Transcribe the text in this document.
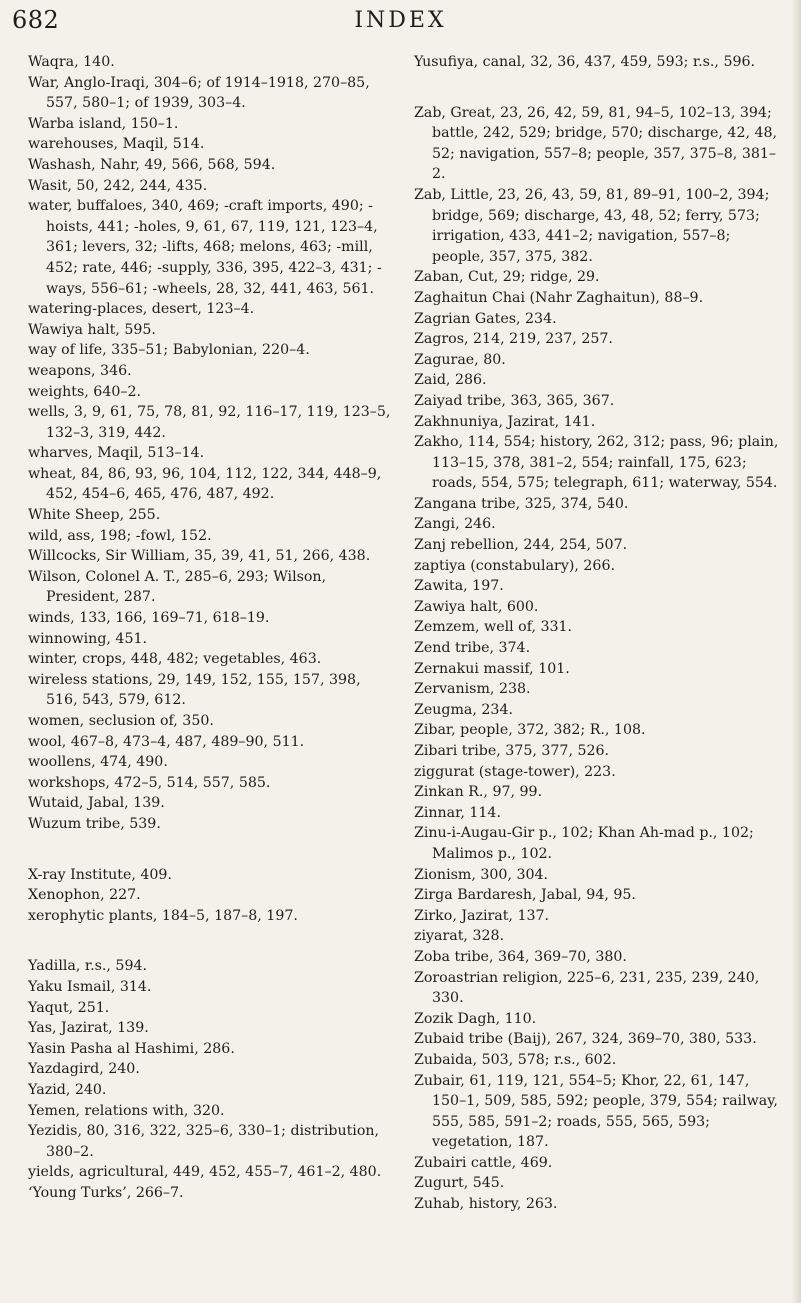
682	INDEX

Waqra, 140.

War, Anglo-Iraqi, 304–6; of 1914–1918, 270–85, 557, 580–1; of 1939, 303–4.

Warba island, 150–1.

warehouses, Maqil, 514.

Washash, Nahr, 49, 566, 568, 594.

Wasit, 50, 242, 244, 435.

water, buffaloes, 340, 469; -craft imports, 490; -hoists, 441; -holes, 9, 61, 67, 119, 121, 123–4, 361; levers, 32; -lifts, 468; melons, 463; -mill, 452; rate, 446; -supply, 336, 395, 422–3, 431; -ways, 556–61; -wheels, 28, 32, 441, 463, 561.

watering-places, desert, 123–4.

Wawiya halt, 595.

way of life, 335–51; Babylonian, 220–4.

weapons, 346.

weights, 640–2.

wells, 3, 9, 61, 75, 78, 81, 92, 116–17, 119, 123–5, 132–3, 319, 442.

wharves, Maqil, 513–14.

wheat, 84, 86, 93, 96, 104, 112, 122, 344, 448–9, 452, 454–6, 465, 476, 487, 492.

White Sheep, 255.

wild, ass, 198; -fowl, 152.

Willcocks, Sir William, 35, 39, 41, 51, 266, 438.

Wilson, Colonel A. T., 285–6, 293; Wilson, President, 287.

winds, 133, 166, 169–71, 618–19.

winnowing, 451.

winter, crops, 448, 482; vegetables, 463.

wireless stations, 29, 149, 152, 155, 157, 398, 516, 543, 579, 612.

women, seclusion of, 350.

wool, 467–8, 473–4, 487, 489–90, 511.

woollens, 474, 490.

workshops, 472–5, 514, 557, 585.

Wutaid, Jabal, 139.

Wuzum tribe, 539.

X-ray Institute, 409.

Xenophon, 227.

xerophytic plants, 184–5, 187–8, 197.

Yadilla, r.s., 594.

Yaku Ismail, 314.

Yaqut, 251.

Yas, Jazirat, 139.

Yasin Pasha al Hashimi, 286.

Yazdagird, 240.

Yazid, 240.

Yemen, relations with, 320.

Yezidis, 80, 316, 322, 325–6, 330–1; distribution, 380–2.

yields, agricultural, 449, 452, 455–7, 461–2, 480.

‘Young Turks’, 266–7.

Yusufiya, canal, 32, 36, 437, 459, 593; r.s., 596.

Zab, Great, 23, 26, 42, 59, 81, 94–5, 102–13, 394; battle, 242, 529; bridge, 570; discharge, 42, 48, 52; navigation, 557–8; people, 357, 375–8, 381–2.

Zab, Little, 23, 26, 43, 59, 81, 89–91, 100–2, 394; bridge, 569; discharge, 43, 48, 52; ferry, 573; irrigation, 433, 441–2; navigation, 557–8; people, 357, 375, 382.

Zaban, Cut, 29; ridge, 29.

Zaghaitun Chai (Nahr Zaghaitun), 88–9.

Zagrian Gates, 234.

Zagros, 214, 219, 237, 257.

Zagurae, 80.

Zaid, 286.

Zaiyad tribe, 363, 365, 367.

Zakhnuniya, Jazirat, 141.

Zakho, 114, 554; history, 262, 312; pass, 96; plain, 113–15, 378, 381–2, 554; rainfall, 175, 623; roads, 554, 575; telegraph, 611; waterway, 554.

Zangana tribe, 325, 374, 540.

Zangi, 246.

Zanj rebellion, 244, 254, 507.

zaptiya (constabulary), 266.

Zawita, 197.

Zawiya halt, 600.

Zemzem, well of, 331.

Zend tribe, 374.

Zernakui massif, 101.

Zervanism, 238.

Zeugma, 234.

Zibar, people, 372, 382; R., 108.

Zibari tribe, 375, 377, 526.

ziggurat (stage-tower), 223.

Zinkan R., 97, 99.

Zinnar, 114.

Zinu-i-Augau-Gir p., 102; Khan Ah-mad p., 102; Malimos p., 102.

Zionism, 300, 304.

Zirga Bardaresh, Jabal, 94, 95.

Zirko, Jazirat, 137.

ziyarat, 328.

Zoba tribe, 364, 369–70, 380.

Zoroastrian religion, 225–6, 231, 235, 239, 240, 330.

Zozik Dagh, 110.

Zubaid tribe (Baij), 267, 324, 369–70, 380, 533.

Zubaida, 503, 578; r.s., 602.

Zubair, 61, 119, 121, 554–5; Khor, 22, 61, 147, 150–1, 509, 585, 592; people, 379, 554; railway, 555, 585, 591–2; roads, 555, 565, 593; vegetation, 187.

Zubairi cattle, 469.

Zugurt, 545.

Zuhab, history, 263.
